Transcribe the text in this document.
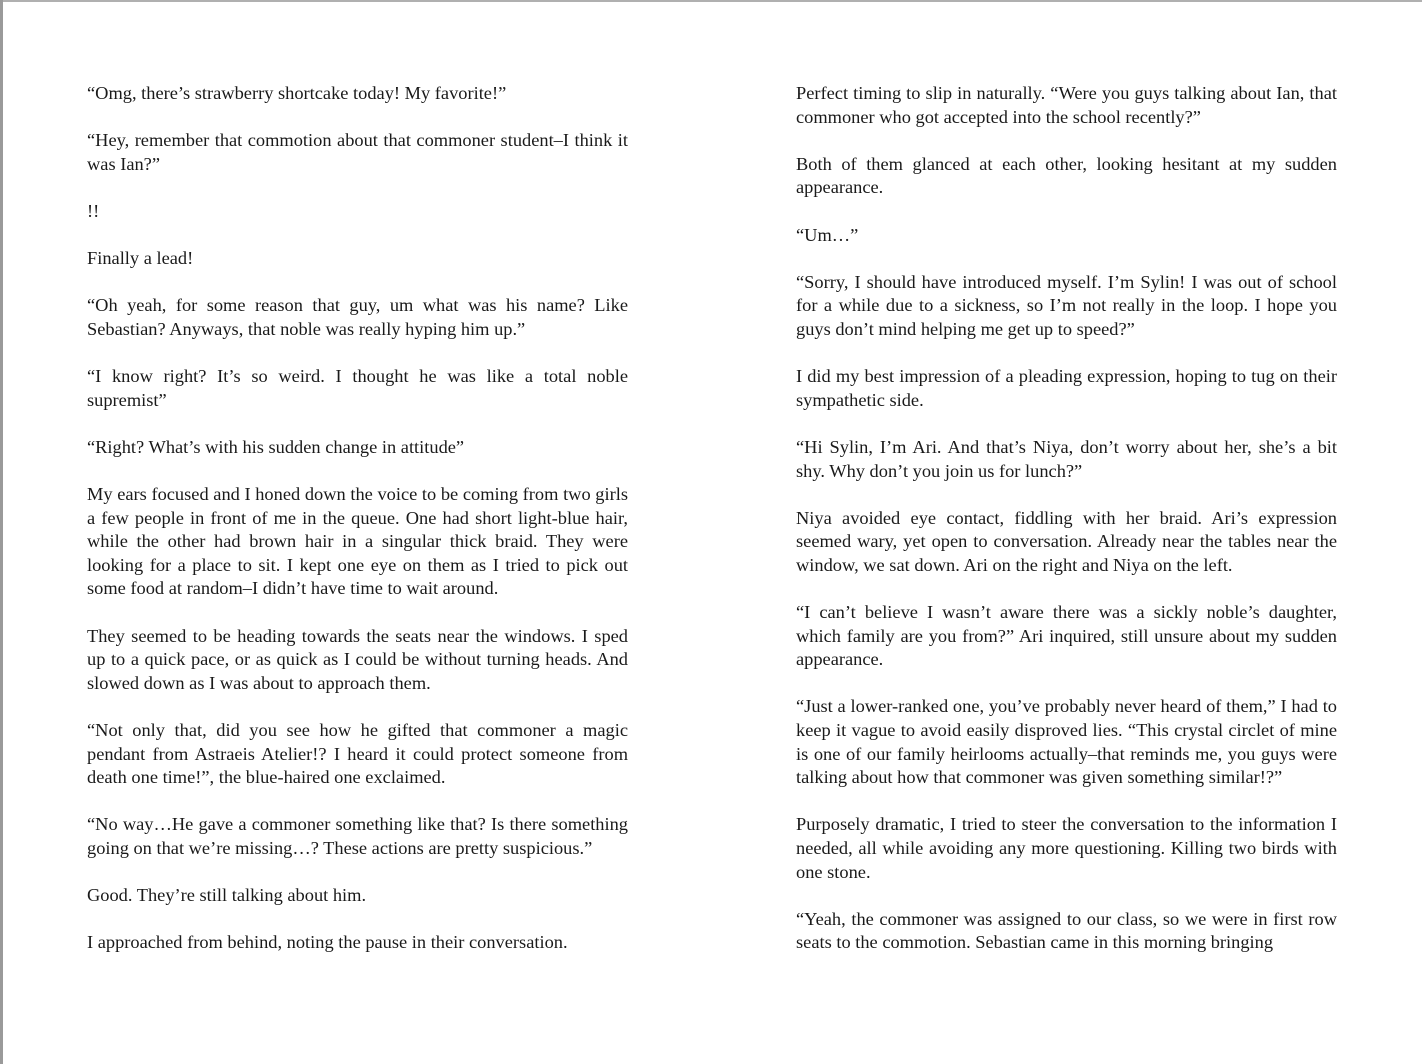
“Omg, there’s strawberry shortcake today! My favorite!”

“Hey, remember that commotion about that commoner student–I think it was Ian?”

!!

Finally a lead!

“Oh yeah, for some reason that guy, um what was his name? Like Sebastian? Anyways, that noble was really hyping him up.”

“I know right? It’s so weird. I thought he was like a total noble supremist”

“Right? What’s with his sudden change in attitude”

My ears focused and I honed down the voice to be coming from two girls a few people in front of me in the queue. One had short light-blue hair, while the other had brown hair in a singular thick braid. They were looking for a place to sit. I kept one eye on them as I tried to pick out some food at random–I didn’t have time to wait around.

They seemed to be heading towards the seats near the windows. I sped up to a quick pace, or as quick as I could be without turning heads. And slowed down as I was about to approach them.

“Not only that, did you see how he gifted that commoner a magic pendant from Astraeis Atelier!? I heard it could protect someone from death one time!”, the blue-haired one exclaimed.

“No way…He gave a commoner something like that? Is there something going on that we’re missing…? These actions are pretty suspicious.”

Good. They’re still talking about him.

I approached from behind, noting the pause in their conversation.

Perfect timing to slip in naturally. “Were you guys talking about Ian, that commoner who got accepted into the school recently?”

Both of them glanced at each other, looking hesitant at my sudden appearance.

“Um…”

“Sorry, I should have introduced myself. I’m Sylin! I was out of school for a while due to a sickness, so I’m not really in the loop. I hope you guys don’t mind helping me get up to speed?”

I did my best impression of a pleading expression, hoping to tug on their sympathetic side.

“Hi Sylin, I’m Ari. And that’s Niya, don’t worry about her, she’s a bit shy. Why don’t you join us for lunch?”

Niya avoided eye contact, fiddling with her braid. Ari’s expression seemed wary, yet open to conversation. Already near the tables near the window, we sat down. Ari on the right and Niya on the left.

“I can’t believe I wasn’t aware there was a sickly noble’s daughter, which family are you from?” Ari inquired, still unsure about my sudden appearance.

“Just a lower-ranked one, you’ve probably never heard of them,” I had to keep it vague to avoid easily disproved lies. “This crystal circlet of mine is one of our family heirlooms actually–that reminds me, you guys were talking about how that commoner was given something similar!?”

Purposely dramatic, I tried to steer the conversation to the information I needed, all while avoiding any more questioning. Killing two birds with one stone.

“Yeah, the commoner was assigned to our class, so we were in first row seats to the commotion. Sebastian came in this morning bringing
